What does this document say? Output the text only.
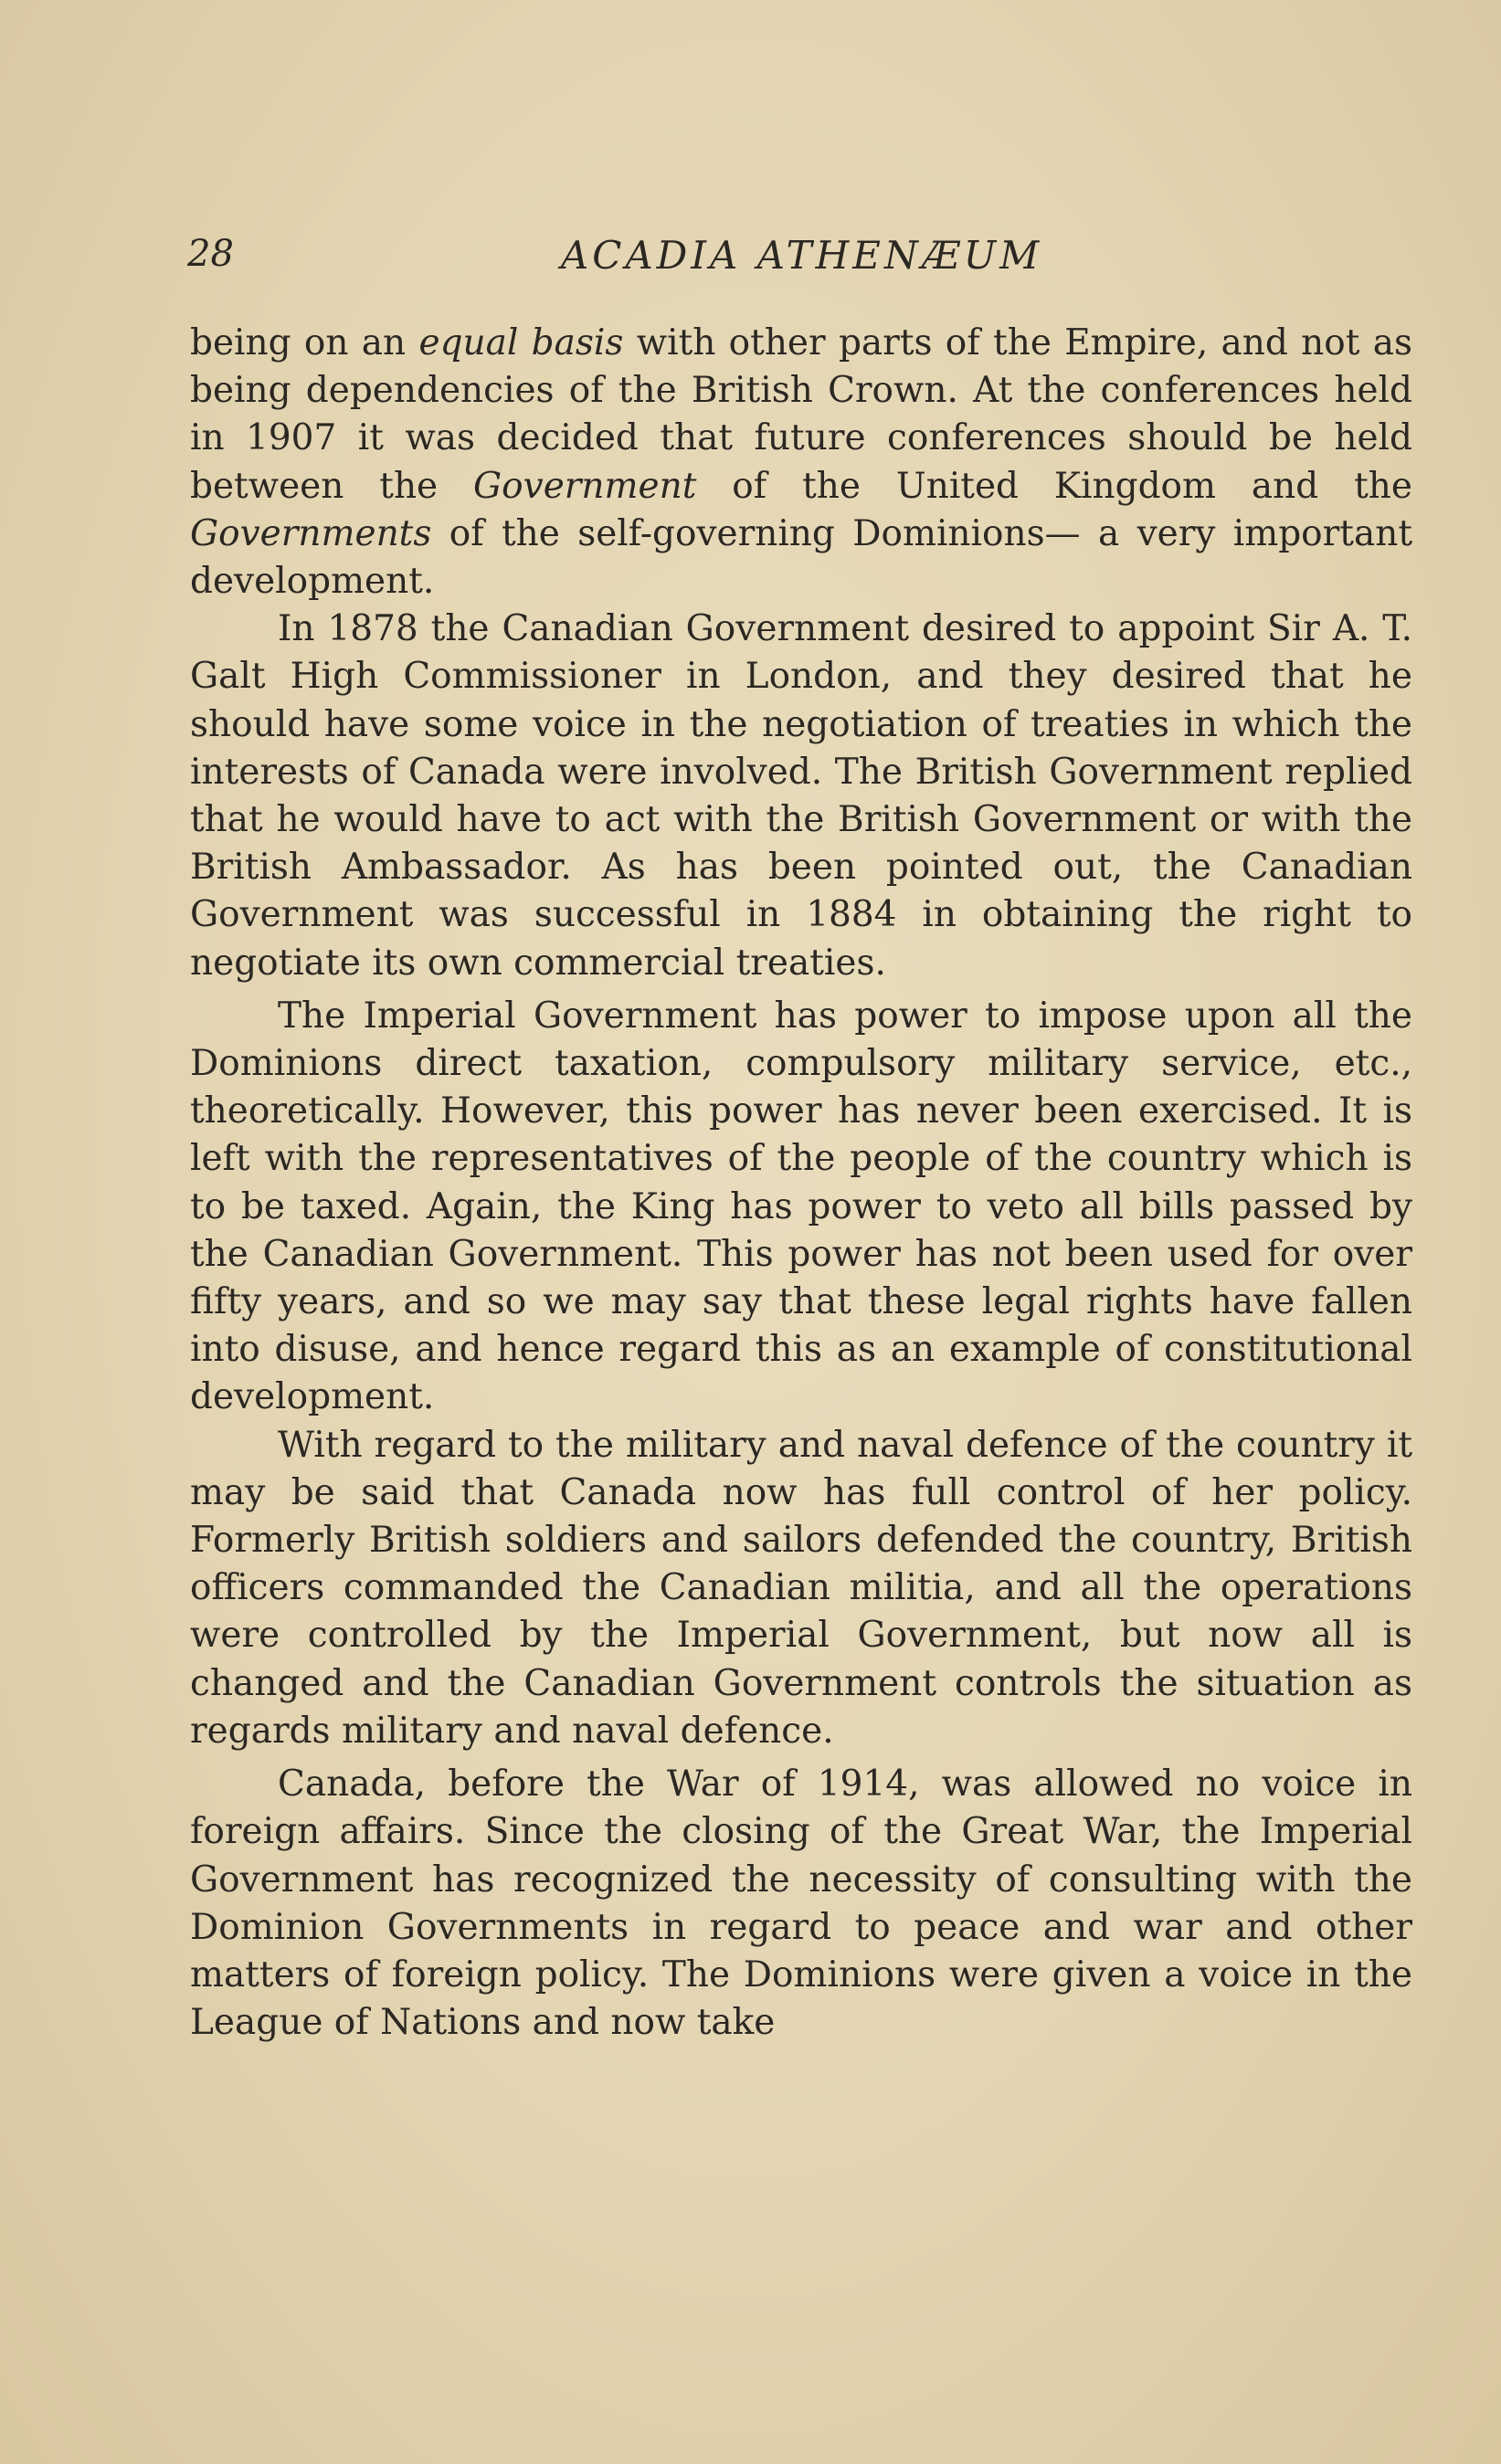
28	ACADIA ATHENÆUM

being on an equal basis with other parts of the Empire, and not as being dependencies of the British Crown. At the conferences held in 1907 it was decided that future conferences should be held between the Government of the United Kingdom and the Governments of the self-governing Dominions— a very important development.

In 1878 the Canadian Government desired to appoint Sir A. T. Galt High Commissioner in London, and they desired that he should have some voice in the negotiation of treaties in which the interests of Canada were involved. The British Government replied that he would have to act with the British Government or with the British Ambassador. As has been pointed out, the Canadian Government was successful in 1884 in obtaining the right to negotiate its own commercial treaties.

The Imperial Government has power to impose upon all the Dominions direct taxation, compulsory military service, etc., theoretically. However, this power has never been exercised. It is left with the representatives of the people of the country which is to be taxed. Again, the King has power to veto all bills passed by the Canadian Government. This power has not been used for over fifty years, and so we may say that these legal rights have fallen into disuse, and hence regard this as an example of constitutional development.

With regard to the military and naval defence of the country it may be said that Canada now has full control of her policy. Formerly British soldiers and sailors defended the country, British officers commanded the Canadian militia, and all the operations were controlled by the Imperial Government, but now all is changed and the Canadian Government controls the situation as regards military and naval defence.

Canada, before the War of 1914, was allowed no voice in foreign affairs. Since the closing of the Great War, the Imperial Government has recognized the necessity of consulting with the Dominion Governments in regard to peace and war and other matters of foreign policy. The Dominions were given a voice in the League of Nations and now take
